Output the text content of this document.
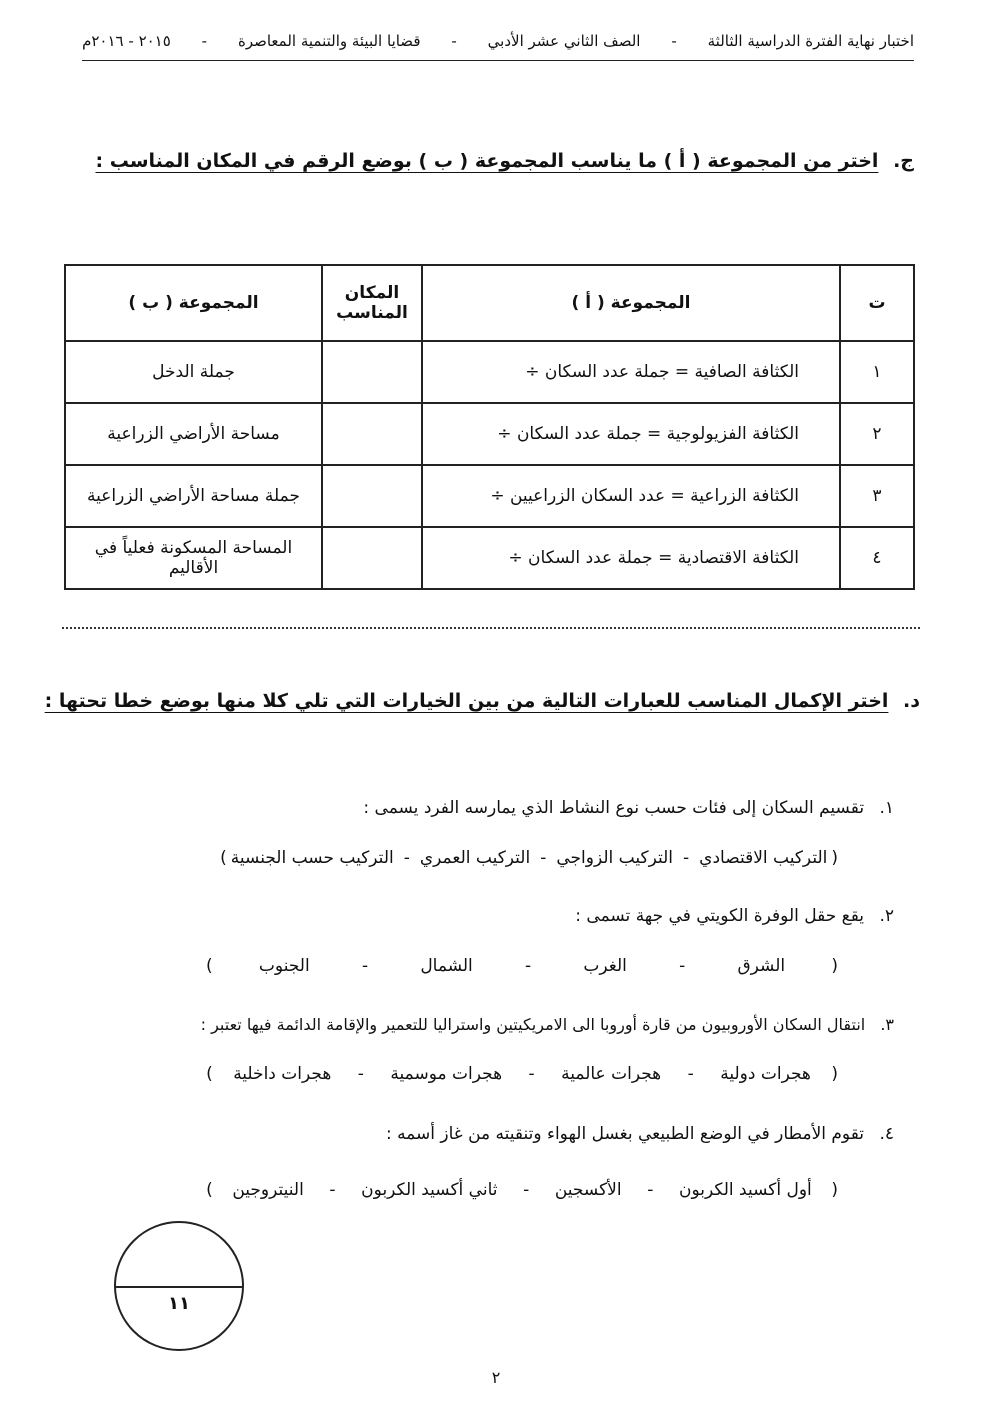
اختبار نهاية الفترة الدراسية الثالثة
-
الصف الثاني عشر الأدبي
-
قضايا البيئة والتنمية المعاصرة
-
٢٠١٥ - ٢٠١٦م
ج. اختر من المجموعة ( أ ) ما يناسب المجموعة ( ب ) بوضع الرقم في المكان المناسب :
ت	المجموعة ( أ )	المكان المناسب	المجموعة ( ب )
١	الكثافة الصافية = جملة عدد السكان ÷		جملة الدخل
٢	الكثافة الفزيولوجية = جملة عدد السكان ÷		مساحة الأراضي الزراعية
٣	الكثافة الزراعية = عدد السكان الزراعيين ÷		جملة مساحة الأراضي الزراعية
٤	الكثافة الاقتصادية = جملة عدد السكان ÷		المساحة المسكونة فعلياً في الأقاليم
د. اختر الإكمال المناسب للعبارات التالية من بين الخيارات التي تلي كلا منها بوضع خطا تحتها :
١. تقسيم السكان إلى فئات حسب نوع النشاط الذي يمارسه الفرد يسمى :
(
التركيب الاقتصادي
-
التركيب الزواجي
-
التركيب العمري
-
التركيب حسب الجنسية
)
٢. يقع حقل الوفرة الكويتي في جهة تسمى :
(
الشرق
-
الغرب
-
الشمال
-
الجنوب
)
٣. انتقال السكان الأوروبيون من قارة أوروبا الى الامريكيتين واستراليا للتعمير والإقامة الدائمة فيها تعتبر :
(
هجرات دولية
-
هجرات عالمية
-
هجرات موسمية
-
هجرات داخلية
)
٤. تقوم الأمطار في الوضع الطبيعي بغسل الهواء وتنقيته من غاز أسمه :
(
أول أكسيد الكربون
-
الأكسجين
-
ثاني أكسيد الكربون
-
النيتروجين
)
١١
٢
